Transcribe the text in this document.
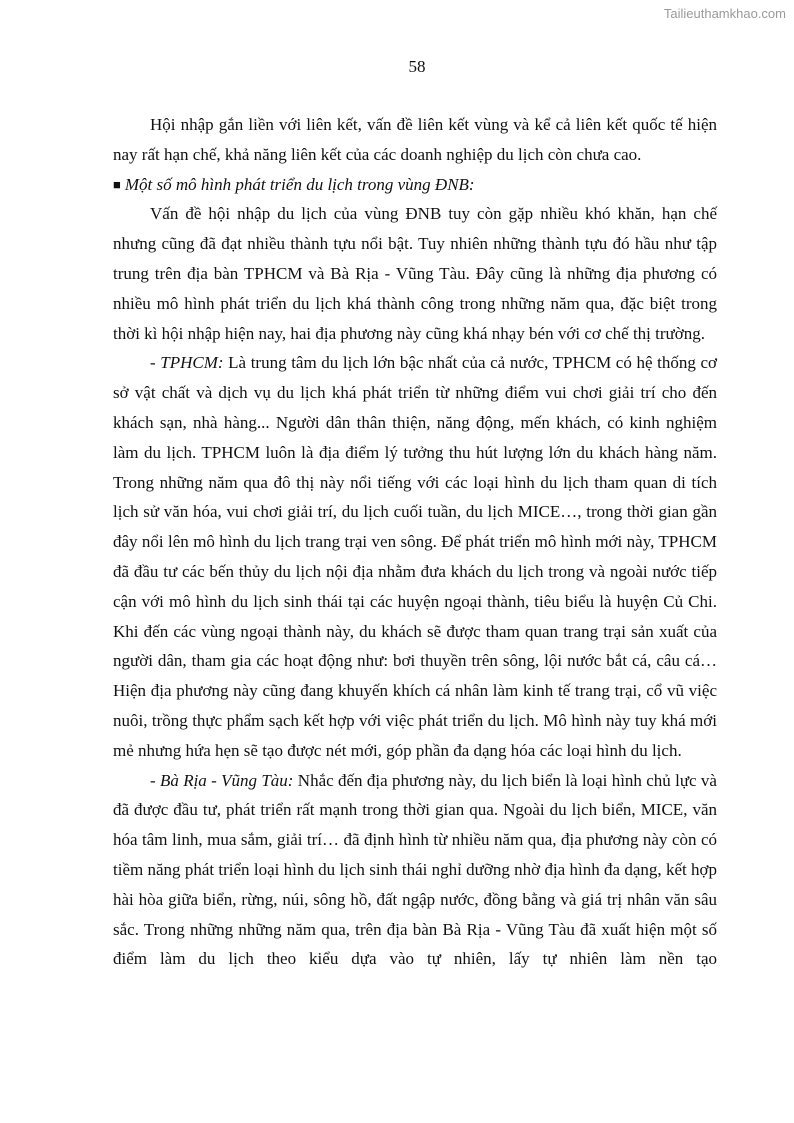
Tailieuthamkhao.com
58

Hội nhập gắn liền với liên kết, vấn đề liên kết vùng và kể cả liên kết quốc tế hiện nay rất hạn chế, khả năng liên kết của các doanh nghiệp du lịch còn chưa cao.

■ Một số mô hình phát triển du lịch trong vùng ĐNB:

Vấn đề hội nhập du lịch của vùng ĐNB tuy còn gặp nhiều khó khăn, hạn chế nhưng cũng đã đạt nhiều thành tựu nổi bật. Tuy nhiên những thành tựu đó hầu như tập trung trên địa bàn TPHCM và Bà Rịa - Vũng Tàu. Đây cũng là những địa phương có nhiều mô hình phát triển du lịch khá thành công trong những năm qua, đặc biệt trong thời kì hội nhập hiện nay, hai địa phương này cũng khá nhạy bén với cơ chế thị trường.

- TPHCM: Là trung tâm du lịch lớn bậc nhất của cả nước, TPHCM có hệ thống cơ sở vật chất và dịch vụ du lịch khá phát triển từ những điểm vui chơi giải trí cho đến khách sạn, nhà hàng... Người dân thân thiện, năng động, mến khách, có kinh nghiệm làm du lịch. TPHCM luôn là địa điểm lý tưởng thu hút lượng lớn du khách hàng năm. Trong những năm qua đô thị này nổi tiếng với các loại hình du lịch tham quan di tích lịch sử văn hóa, vui chơi giải trí, du lịch cuối tuần, du lịch MICE…, trong thời gian gần đây nổi lên mô hình du lịch trang trại ven sông. Để phát triển mô hình mới này, TPHCM đã đầu tư các bến thủy du lịch nội địa nhằm đưa khách du lịch trong và ngoài nước tiếp cận với mô hình du lịch sinh thái tại các huyện ngoại thành, tiêu biểu là huyện Củ Chi. Khi đến các vùng ngoại thành này, du khách sẽ được tham quan trang trại sản xuất của người dân, tham gia các hoạt động như: bơi thuyền trên sông, lội nước bắt cá, câu cá… Hiện địa phương này cũng đang khuyến khích cá nhân làm kinh tế trang trại, cổ vũ việc nuôi, trồng thực phẩm sạch kết hợp với việc phát triển du lịch. Mô hình này tuy khá mới mẻ nhưng hứa hẹn sẽ tạo được nét mới, góp phần đa dạng hóa các loại hình du lịch.

- Bà Rịa - Vũng Tàu: Nhắc đến địa phương này, du lịch biển là loại hình chủ lực và đã được đầu tư, phát triển rất mạnh trong thời gian qua. Ngoài du lịch biển, MICE, văn hóa tâm linh, mua sắm, giải trí… đã định hình từ nhiều năm qua, địa phương này còn có tiềm năng phát triển loại hình du lịch sinh thái nghỉ dưỡng nhờ địa hình đa dạng, kết hợp hài hòa giữa biển, rừng, núi, sông hồ, đất ngập nước, đồng bằng và giá trị nhân văn sâu sắc. Trong những những năm qua, trên địa bàn Bà Rịa - Vũng Tàu đã xuất hiện một số điểm làm du lịch theo kiểu dựa vào tự nhiên, lấy tự nhiên làm nền tạo
